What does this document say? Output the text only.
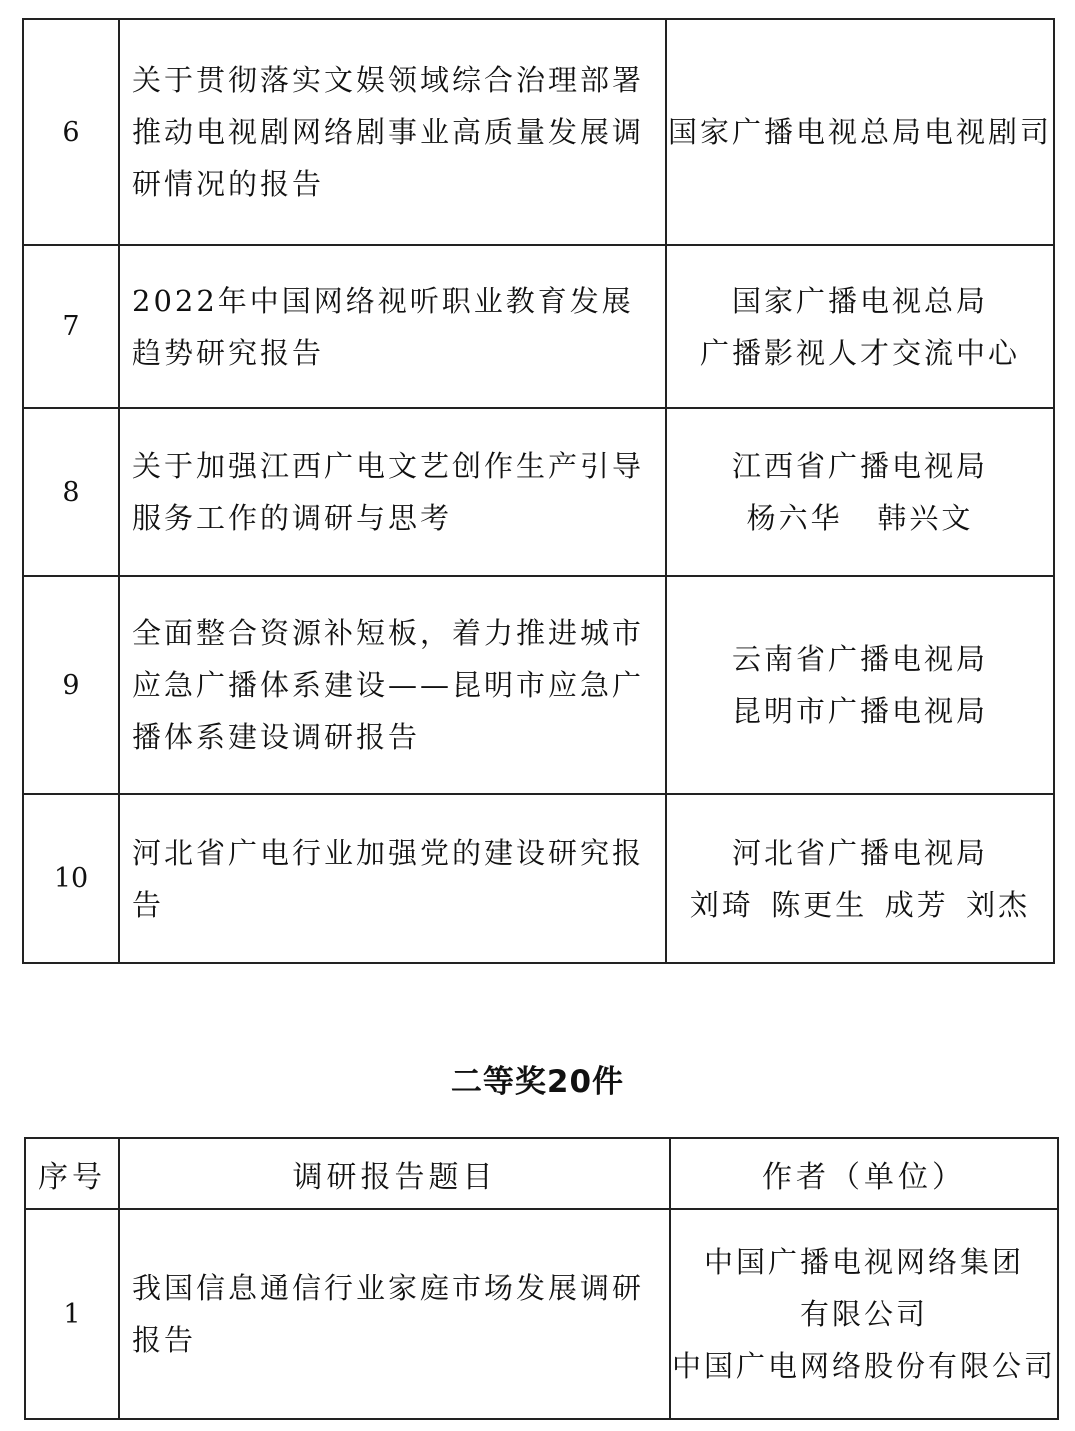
6	关于贯彻落实文娱领域综合治理部署推动电视剧网络剧事业高质量发展调研情况的报告	国家广播电视总局电视剧司

7	2022年中国网络视听职业教育发展趋势研究报告	国家广播电视总局
广播影视人才交流中心

8	关于加强江西广电文艺创作生产引导服务工作的调研与思考	江西省广播电视局
杨六华 韩兴文

9	全面整合资源补短板，着力推进城市应急广播体系建设——昆明市应急广播体系建设调研报告	云南省广播电视局
昆明市广播电视局

10	河北省广电行业加强党的建设研究报告	河北省广播电视局
刘琦 陈更生 成芳 刘杰
二等奖20件
序号	调研报告题目	作者（单位）
1	我国信息通信行业家庭市场发展调研报告	中国广播电视网络集团
有限公司
中国广电网络股份有限公司
